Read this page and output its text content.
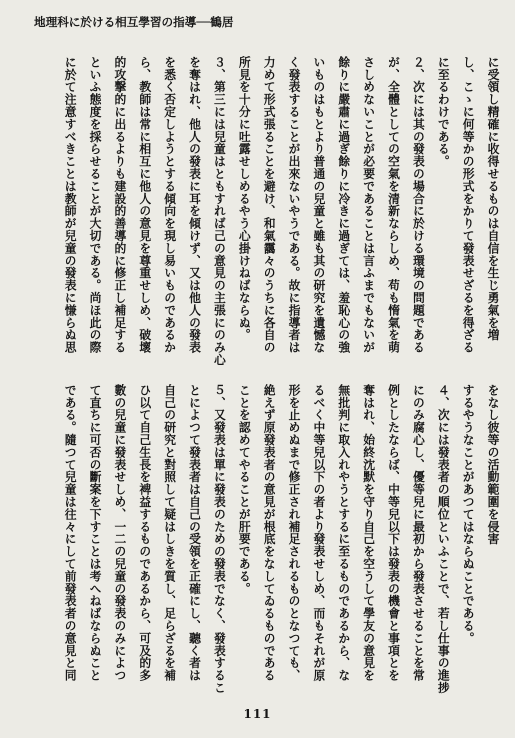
地理科に於ける相互學習の指導──鶴居
に受領し精確に收得せるものは自信を生じ勇氣を増
し、こゝに何等かの形式をかりて發表せざるを得ざる
に至るわけである。
２、次には其の發表の場合に於ける環境の問題である
が、全體としての空氣を清新ならしめ、苟も惰氣を萌
さしめないことが必要であることは言ふまでもないが
餘りに嚴肅に過ぎ餘りに冷きに過ぎては、羞恥心の強
いものはもとより普通の兒童と雖も其の研究を遺憾な
く發表することが出來ないやうである。故に指導者は
力めて形式張ることを避け、和氣靄々のうちに各自の
所見を十分に吐露せしめるやう心掛けねばならぬ。
３、第三には兒童はともすれば己の意見の主張にのみ心
を奪はれ、他人の發表に耳を傾けず、又は他人の發表
を悉く否定しようとする傾向を現し易いものであるか
ら、教師は常に相互に他人の意見を尊重せしめ、破壞
的攻撃的に出るよりも建設的善導的に修正し補足する
といふ態度を採らせることが大切である。尚ほ此の際
に於て注意すべきことは教師が兒童の發表に慊らぬ思
をなし彼等の活動範圍を侵害
するやうなことがあつてはならぬことである。
４、次には發表者の順位といふことで、若し仕事の進捗
にのみ腐心し、優等兒に最初から發表させることを常
例としたならば、中等兒以下は發表の機會と事項とを
奪はれ、始終沈默を守り自己を空うして學友の意見を
無批判に取入れやうとするに至るものであるから、な
るべく中等兒以下の者より發表せしめ、而もそれが原
形を止めぬまで修正され補足されるものとなつても、
絶えず原發表者の意見が根底をなしてゐるものである
ことを認めてやることが肝要である。
５、又發表は單に發表のための發表でなく、發表するこ
とによつて發表者は自己の受領を正確にし、聽く者は
自己の研究と對照して疑はしきを質し、足らざるを補
ひ以て自己生長を裨益するものであるから、可及的多
數の兒童に發表せしめ、一二の兒童の發表のみによつ
て直ちに可否の斷案を下すことは考へねばならぬこと
である。隨つて兒童は往々にして前發表者の意見と同
111
